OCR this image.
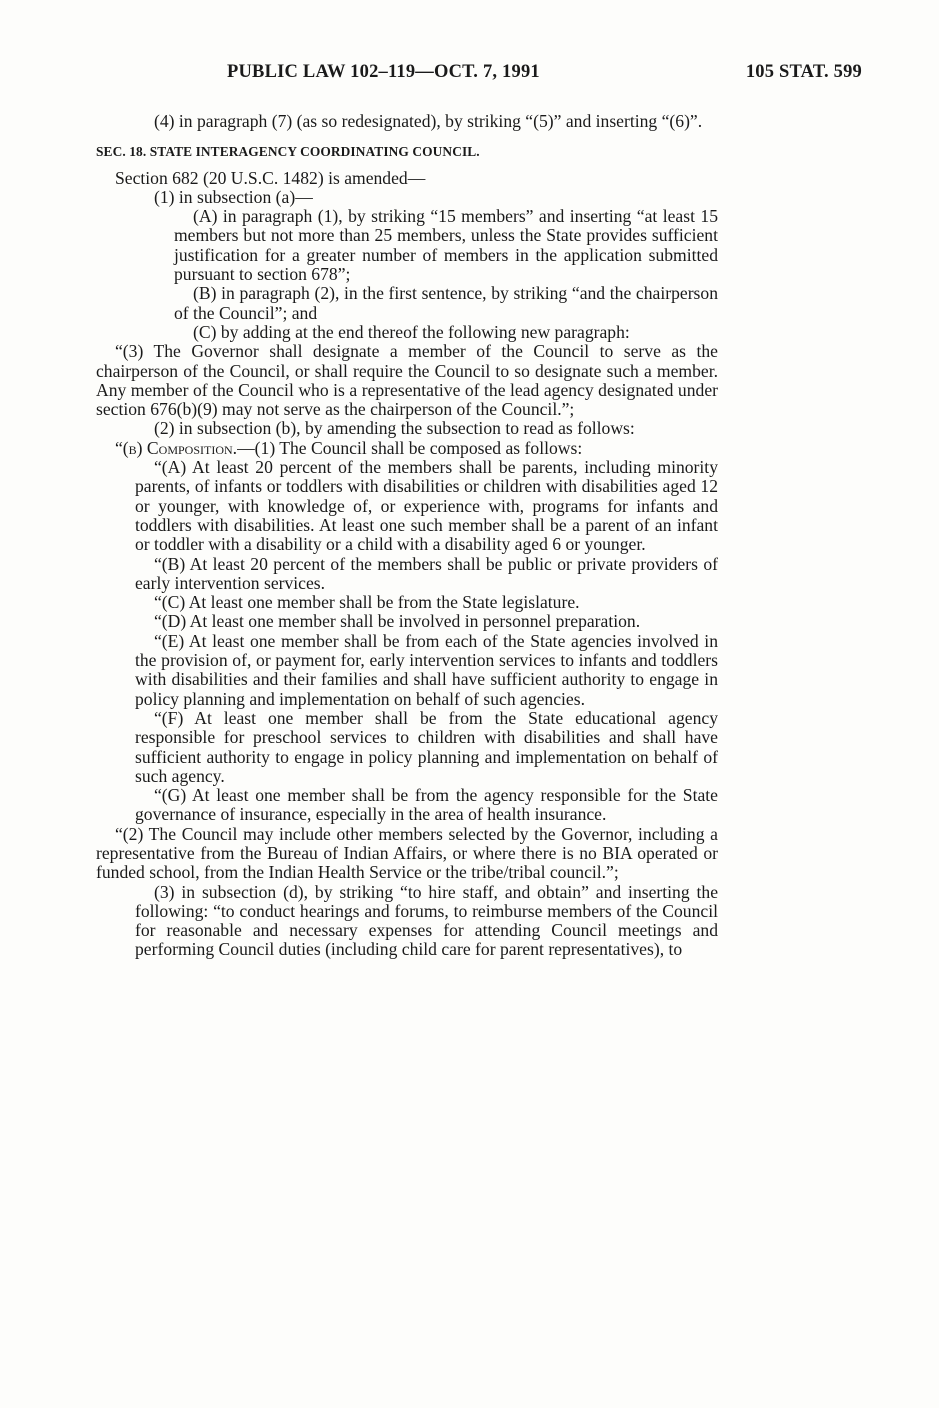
PUBLIC LAW 102–119—OCT. 7, 1991	105 STAT. 599

(4) in paragraph (7) (as so redesignated), by striking “(5)” and inserting “(6)”.

SEC. 18. STATE INTERAGENCY COORDINATING COUNCIL.

Section 682 (20 U.S.C. 1482) is amended—

(1) in subsection (a)—

(A) in paragraph (1), by striking “15 members” and inserting “at least 15 members but not more than 25 members, unless the State provides sufficient justification for a greater number of members in the application submitted pursuant to section 678”;

(B) in paragraph (2), in the first sentence, by striking “and the chairperson of the Council”; and

(C) by adding at the end thereof the following new paragraph:

“(3) The Governor shall designate a member of the Council to serve as the chairperson of the Council, or shall require the Council to so designate such a member. Any member of the Council who is a representative of the lead agency designated under section 676(b)(9) may not serve as the chairperson of the Council.”;

(2) in subsection (b), by amending the subsection to read as follows:

“(b) Composition.—(1) The Council shall be composed as follows:

“(A) At least 20 percent of the members shall be parents, including minority parents, of infants or toddlers with disabilities or children with disabilities aged 12 or younger, with knowledge of, or experience with, programs for infants and toddlers with disabilities. At least one such member shall be a parent of an infant or toddler with a disability or a child with a disability aged 6 or younger.

“(B) At least 20 percent of the members shall be public or private providers of early intervention services.

“(C) At least one member shall be from the State legislature.

“(D) At least one member shall be involved in personnel preparation.

“(E) At least one member shall be from each of the State agencies involved in the provision of, or payment for, early intervention services to infants and toddlers with disabilities and their families and shall have sufficient authority to engage in policy planning and implementation on behalf of such agencies.

“(F) At least one member shall be from the State educational agency responsible for preschool services to children with disabilities and shall have sufficient authority to engage in policy planning and implementation on behalf of such agency.

“(G) At least one member shall be from the agency responsible for the State governance of insurance, especially in the area of health insurance.

“(2) The Council may include other members selected by the Governor, including a representative from the Bureau of Indian Affairs, or where there is no BIA operated or funded school, from the Indian Health Service or the tribe/tribal council.”;

(3) in subsection (d), by striking “to hire staff, and obtain” and inserting the following: “to conduct hearings and forums, to reimburse members of the Council for reasonable and necessary expenses for attending Council meetings and performing Council duties (including child care for parent representatives), to
